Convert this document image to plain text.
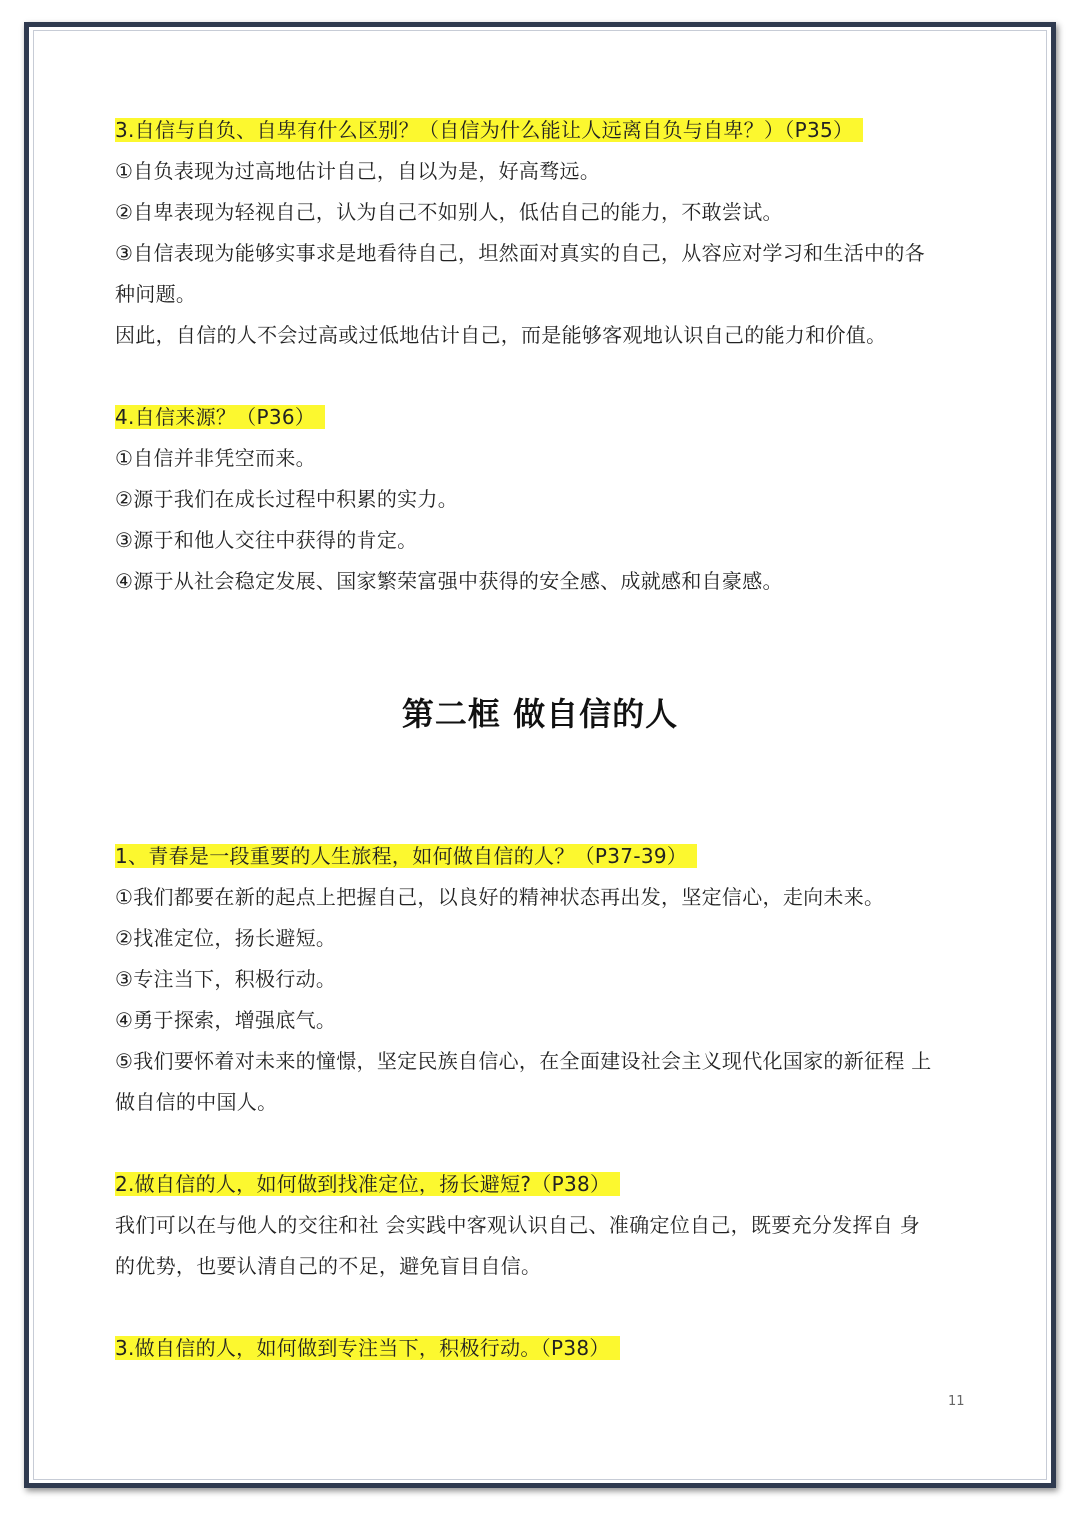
3.自信与自负、自卑有什么区别？（自信为什么能让人远离自负与自卑？）（P35）
①自负表现为过高地估计自己，自以为是，好高骛远。
②自卑表现为轻视自己，认为自己不如别人，低估自己的能力，不敢尝试。
③自信表现为能够实事求是地看待自己，坦然面对真实的自己，从容应对学习和生活中的各
种问题。
因此，自信的人不会过高或过低地估计自己，而是能够客观地认识自己的能力和价值。
4.自信来源？（P36）
①自信并非凭空而来。
②源于我们在成长过程中积累的实力。
③源于和他人交往中获得的肯定。
④源于从社会稳定发展、国家繁荣富强中获得的安全感、成就感和自豪感。
第二框 做自信的人
1、青春是一段重要的人生旅程，如何做自信的人？（P37-39）
①我们都要在新的起点上把握自己，以良好的精神状态再出发，坚定信心，走向未来。
②找准定位，扬长避短。
③专注当下，积极行动。
④勇于探索，增强底气。
⑤我们要怀着对未来的憧憬，坚定民族自信心，在全面建设社会主义现代化国家的新征程 上
做自信的中国人。
2.做自信的人，如何做到找准定位，扬长避短?（P38）
我们可以在与他人的交往和社 会实践中客观认识自己、准确定位自己，既要充分发挥自 身
的优势，也要认清自己的不足，避免盲目自信。
3.做自信的人，如何做到专注当下，积极行动。（P38）
11
